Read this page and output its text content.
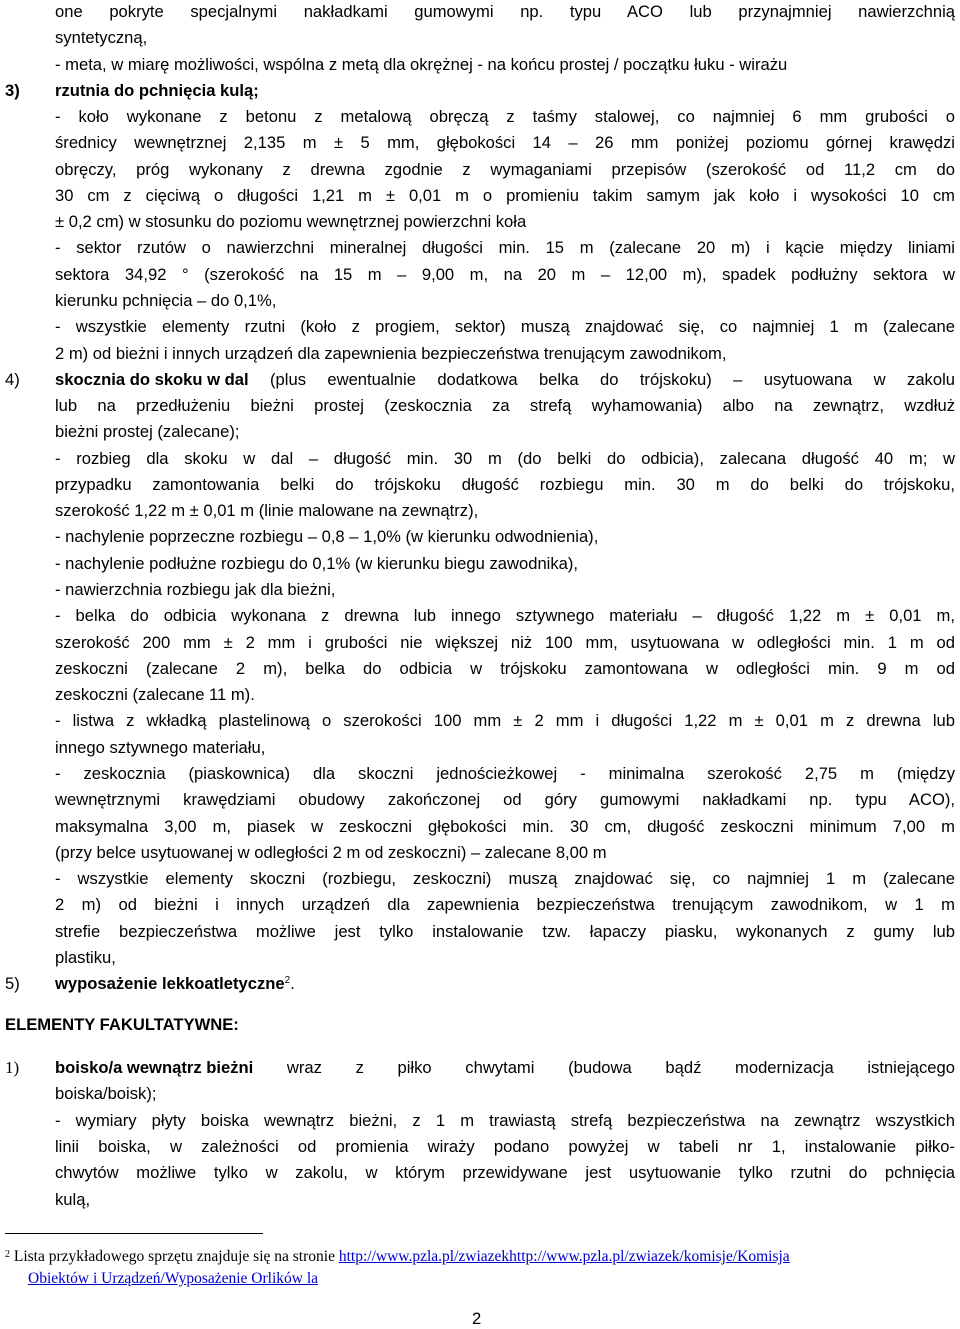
one pokryte specjalnymi nakładkami gumowymi np. typu ACO lub przynajmniej nawierzchnią
syntetyczną,
- meta, w miarę możliwości, wspólna z metą dla okrężnej - na końcu prostej / początku łuku - wirażu
3) rzutnia do pchnięcia kulą;
- koło wykonane z betonu z metalową obręczą z taśmy stalowej, co najmniej 6 mm grubości o
średnicy wewnętrznej 2,135 m ± 5 mm, głębokości 14 – 26 mm poniżej poziomu górnej krawędzi
obręczy, próg wykonany z drewna zgodnie z wymaganiami przepisów (szerokość od 11,2 cm do
30 cm z cięciwą o długości 1,21 m ± 0,01 m o promieniu takim samym jak koło i wysokości 10 cm
± 0,2 cm) w stosunku do poziomu wewnętrznej powierzchni koła
- sektor rzutów o nawierzchni mineralnej długości min. 15 m (zalecane 20 m) i kącie między liniami
sektora 34,92 ° (szerokość na 15 m – 9,00 m, na 20 m – 12,00 m), spadek podłużny sektora w
kierunku pchnięcia – do 0,1%,
- wszystkie elementy rzutni (koło z progiem, sektor) muszą znajdować się, co najmniej 1 m (zalecane
2 m) od bieżni i innych urządzeń dla zapewnienia bezpieczeństwa trenującym zawodnikom,
4) skocznia do skoku w dal (plus ewentualnie dodatkowa belka do trójskoku) – usytuowana w zakolu
lub na przedłużeniu bieżni prostej (zeskocznia za strefą wyhamowania) albo na zewnątrz, wzdłuż
bieżni prostej (zalecane);
- rozbieg dla skoku w dal – długość min. 30 m (do belki do odbicia), zalecana długość 40 m; w
przypadku zamontowania belki do trójskoku długość rozbiegu min. 30 m do belki do trójskoku,
szerokość 1,22 m ± 0,01 m (linie malowane na zewnątrz),
- nachylenie poprzeczne rozbiegu – 0,8 – 1,0% (w kierunku odwodnienia),
- nachylenie podłużne rozbiegu do 0,1% (w kierunku biegu zawodnika),
- nawierzchnia rozbiegu jak dla bieżni,
- belka do odbicia wykonana z drewna lub innego sztywnego materiału – długość 1,22 m ± 0,01 m,
szerokość 200 mm ± 2 mm i grubości nie większej niż 100 mm, usytuowana w odległości min. 1 m od
zeskoczni (zalecane 2 m), belka do odbicia w trójskoku zamontowana w odległości min. 9 m od
zeskoczni (zalecane 11 m).
- listwa z wkładką plastelinową o szerokości 100 mm ± 2 mm i długości 1,22 m ± 0,01 m z drewna lub
innego sztywnego materiału,
- zeskocznia (piaskownica) dla skoczni jednościeżkowej - minimalna szerokość 2,75 m (między
wewnętrznymi krawędziami obudowy zakończonej od góry gumowymi nakładkami np. typu ACO),
maksymalna 3,00 m, piasek w zeskoczni głębokości min. 30 cm, długość zeskoczni minimum 7,00 m
(przy belce usytuowanej w odległości 2 m od zeskoczni) – zalecane 8,00 m
- wszystkie elementy skoczni (rozbiegu, zeskoczni) muszą znajdować się, co najmniej 1 m (zalecane
2 m) od bieżni i innych urządzeń dla zapewnienia bezpieczeństwa trenującym zawodnikom, w 1 m
strefie bezpieczeństwa możliwe jest tylko instalowanie tzw. łapaczy piasku, wykonanych z gumy lub
plastiku,
5) wyposażenie lekkoatletyczne$^2$.
ELEMENTY FAKULTATYWNE:
1) boisko/a wewnątrz bieżni wraz z piłko chwytami (budowa bądź modernizacja istniejącego
boiska/boisk);
- wymiary płyty boiska wewnątrz bieżni, z 1 m trawiastą strefą bezpieczeństwa na zewnątrz wszystkich
linii boiska, w zależności od promienia wiraży podano powyżej w tabeli nr 1, instalowanie piłko-
chwytów możliwe tylko w zakolu, w którym przewidywane jest usytuowanie tylko rzutni do pchnięcia
kulą,
$^2$ Lista przykładowego sprzętu znajduje się na stronie http://www.pzla.pl/zwiazekhttp://www.pzla.pl/zwiazek/komisje/Komisja
Obiektów i Urządzeń/Wyposażenie Orlików la
2
